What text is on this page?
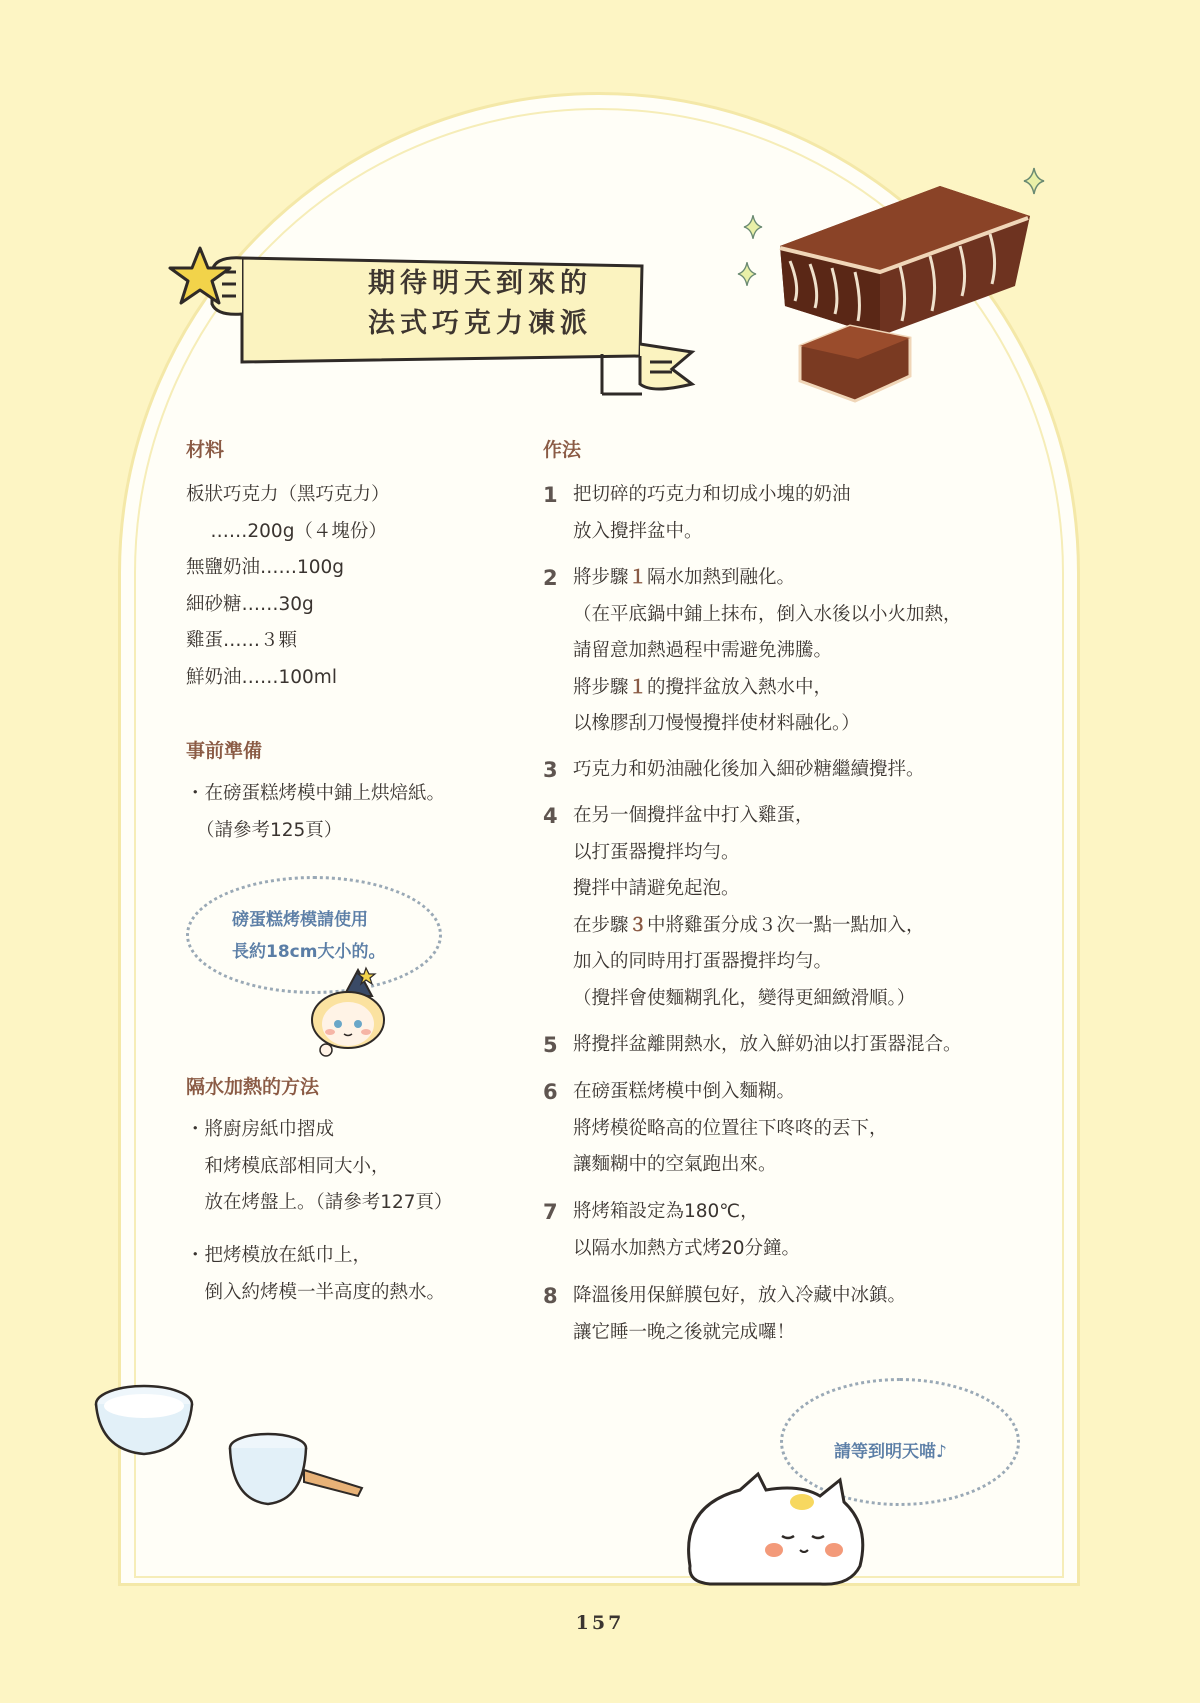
期待明天到來的
法式巧克力凍派
材料
板狀巧克力（黑巧克力）
　 ……200g（４塊份）
無鹽奶油……100g
細砂糖……30g
雞蛋……３顆
鮮奶油……100ml
事前準備
・在磅蛋糕烤模中鋪上烘焙紙。
（請參考125頁）
磅蛋糕烤模請使用
長約18cm大小的。
隔水加熱的方法
・將廚房紙巾摺成
　和烤模底部相同大小，
　放在烤盤上。（請參考127頁）
・把烤模放在紙巾上，
　倒入約烤模一半高度的熱水。
作法
1 把切碎的巧克力和切成小塊的奶油
放入攪拌盆中。
2 將步驟１隔水加熱到融化。
（在平底鍋中鋪上抹布，倒入水後以小火加熱，
請留意加熱過程中需避免沸騰。
將步驟１的攪拌盆放入熱水中，
以橡膠刮刀慢慢攪拌使材料融化。）
3 巧克力和奶油融化後加入細砂糖繼續攪拌。
4 在另一個攪拌盆中打入雞蛋，
以打蛋器攪拌均勻。
攪拌中請避免起泡。
在步驟３中將雞蛋分成３次一點一點加入，
加入的同時用打蛋器攪拌均勻。
（攪拌會使麵糊乳化，變得更細緻滑順。）
5 將攪拌盆離開熱水，放入鮮奶油以打蛋器混合。
6 在磅蛋糕烤模中倒入麵糊。
將烤模從略高的位置往下咚咚的丟下，
讓麵糊中的空氣跑出來。
7 將烤箱設定為180℃，
以隔水加熱方式烤20分鐘。
8 降溫後用保鮮膜包好，放入冷藏中冰鎮。
讓它睡一晚之後就完成囉！
請等到明天喵♪
157
